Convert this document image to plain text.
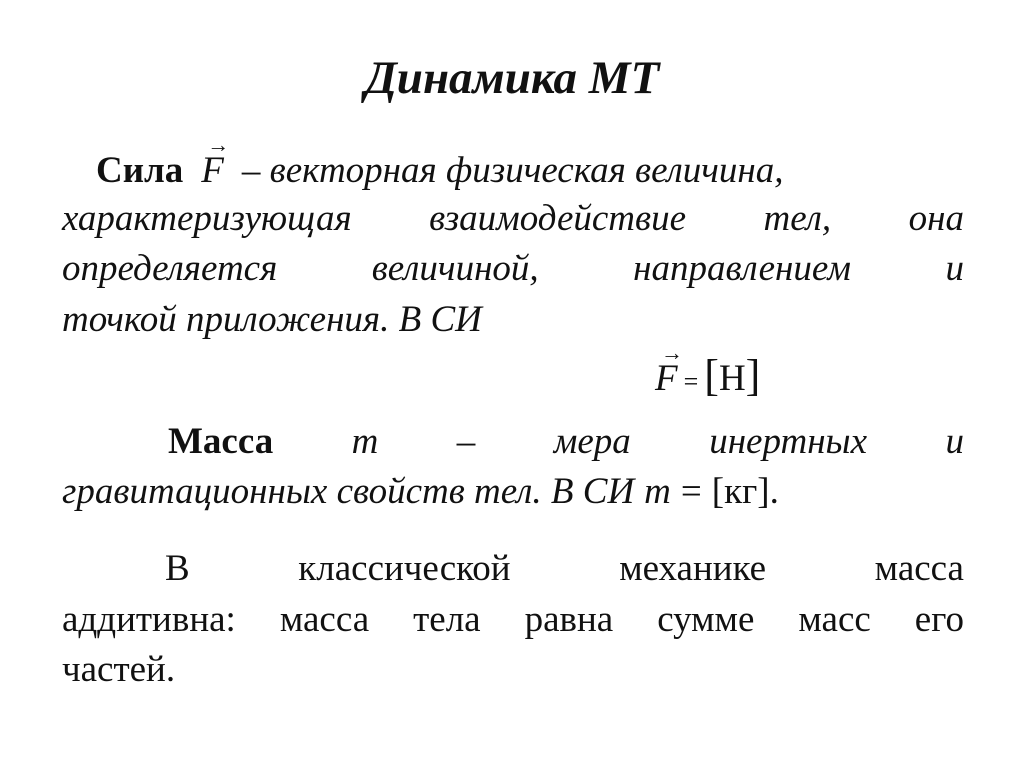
Динамика МТ
Сила→ F – векторная физическая величина,
характеризующая взаимодействие тел, она
определяется	величиной,	направлением	и
точкой приложения. В СИ
→ F = [Н]
Масса m – мера инертных и
гравитационных свойств тел. В СИ m = [кг].
В	классической	механике	масса
аддитивна: масса тела равна сумме масс его
частей.
